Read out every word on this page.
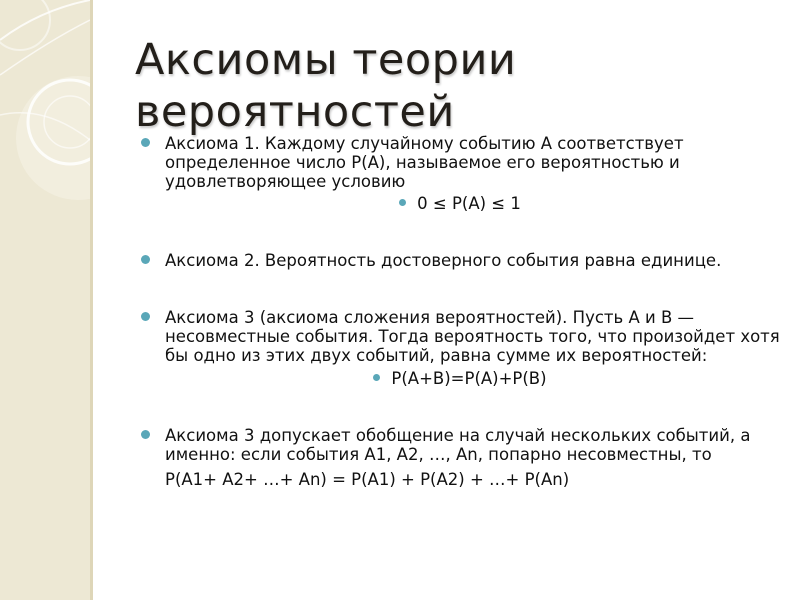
Аксиомы теории
вероятностей
Аксиома 1. Каждому случайному событию А соответствует определенное число Р(А), называемое его вероятностью и удовлетворяющее условию
0 ≤ Р(А) ≤ 1
Аксиома 2. Вероятность достоверного события равна единице.
Аксиома 3 (аксиома сложения вероятностей). Пусть А и В — несовместные события. Тогда вероятность того, что произойдет хотя бы одно из этих двух событий, равна сумме их вероятностей:
Р(А+В)=Р(А)+Р(В)
Аксиома 3 допускает обобщение на случай нескольких событий, а именно: если события А1, А2, …, Аn, попарно несовместны, то
Р(А1+ А2+ …+ Аn) = Р(А1) + Р(А2) + …+ Р(Аn)
